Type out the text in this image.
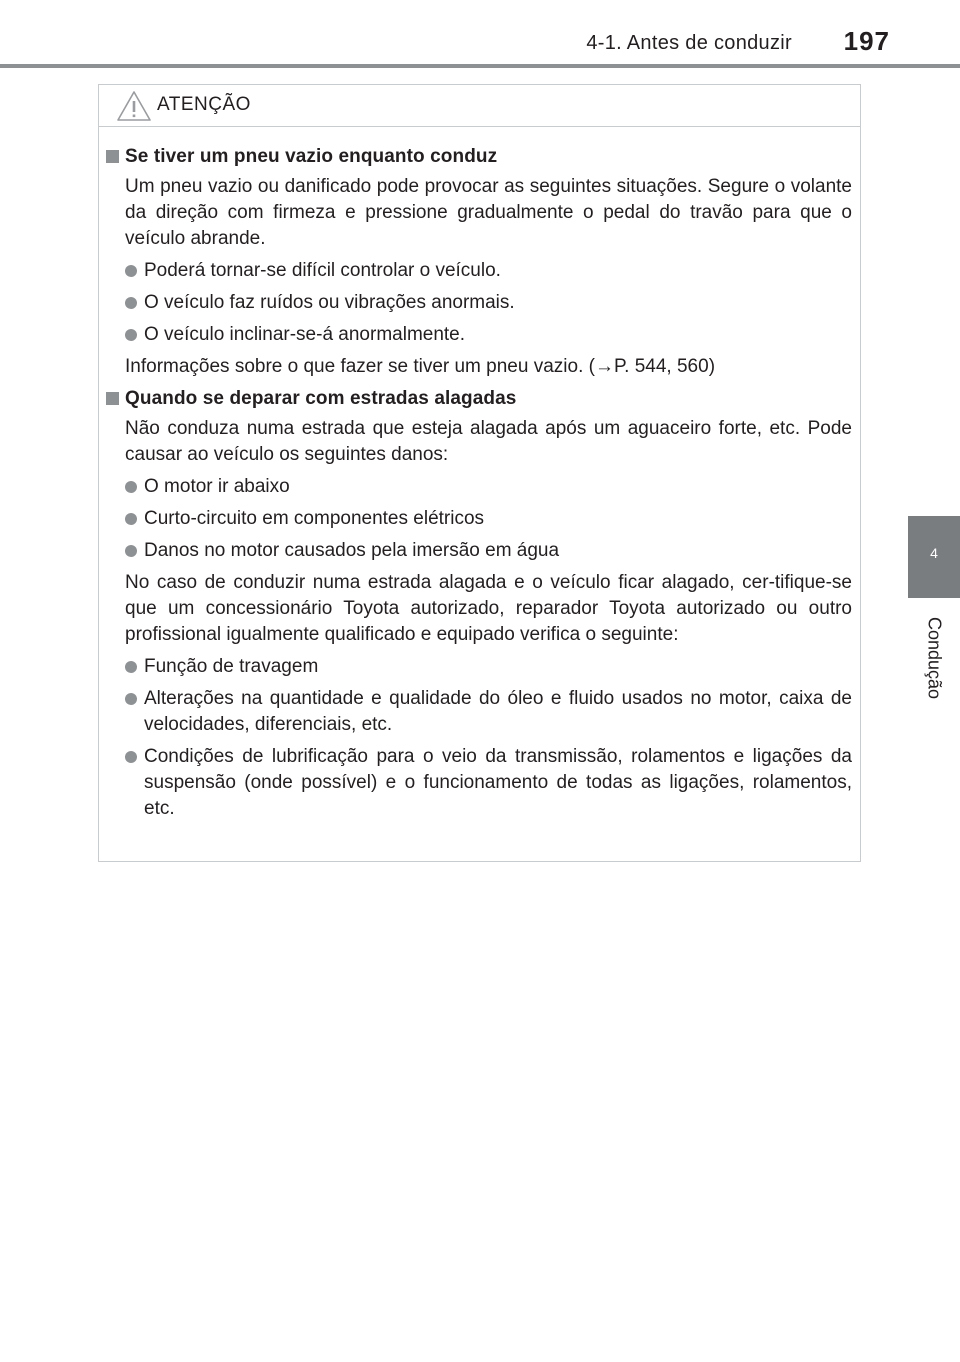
4-1. Antes de conduzir	197
4
Condução
ATENÇÃO
Se tiver um pneu vazio enquanto conduz

Um pneu vazio ou danificado pode provocar as seguintes situações. Segure o volante da direção com firmeza e pressione gradualmente o pedal do travão para que o veículo abrande.

Poderá tornar-se difícil controlar o veículo.
O veículo faz ruídos ou vibrações anormais.
O veículo inclinar-se-á anormalmente.

Informações sobre o que fazer se tiver um pneu vazio. (→P. 544, 560)

Quando se deparar com estradas alagadas

Não conduza numa estrada que esteja alagada após um aguaceiro forte, etc. Pode causar ao veículo os seguintes danos:

O motor ir abaixo
Curto-circuito em componentes elétricos
Danos no motor causados pela imersão em água

No caso de conduzir numa estrada alagada e o veículo ficar alagado, cer-tifique-se que um concessionário Toyota autorizado, reparador Toyota autorizado ou outro profissional igualmente qualificado e equipado verifica o seguinte:

Função de travagem
Alterações na quantidade e qualidade do óleo e fluido usados no motor, caixa de velocidades, diferenciais, etc.
Condições de lubrificação para o veio da transmissão, rolamentos e ligações da suspensão (onde possível) e o funcionamento de todas as ligações, rolamentos, etc.
